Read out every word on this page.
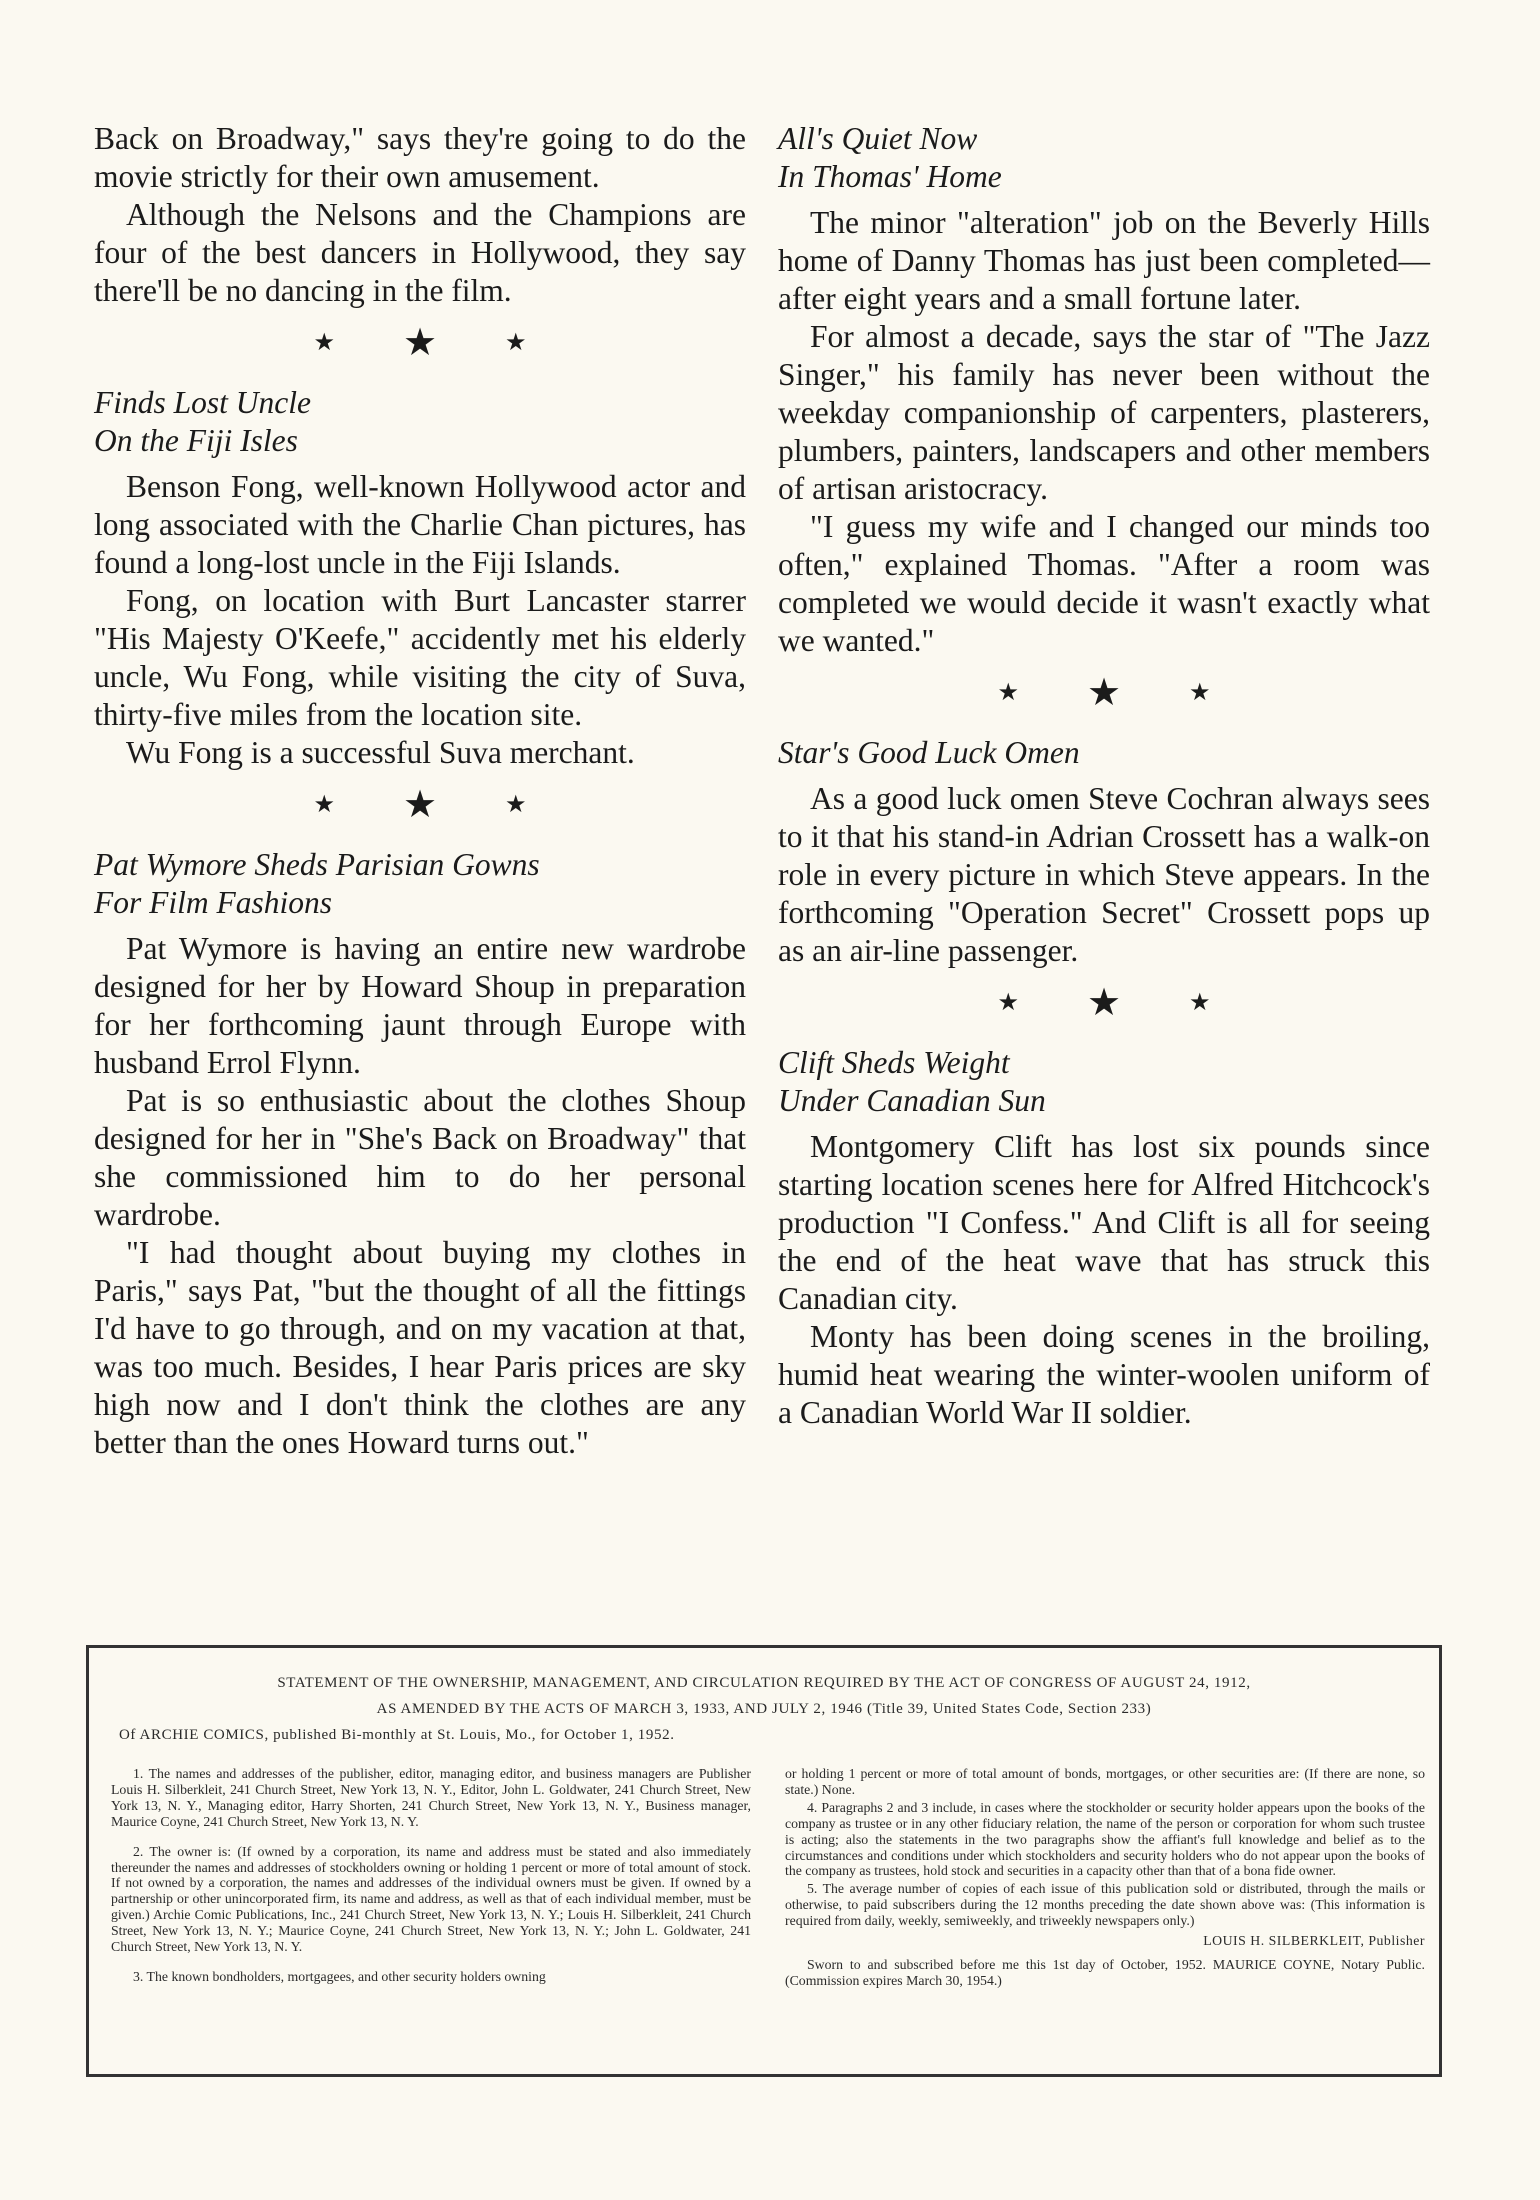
Back on Broadway," says they're going to do the movie strictly for their own amusement.

Although the Nelsons and the Champions are four of the best dancers in Hollywood, they say there'll be no dancing in the film.

★ ★	★
Finds Lost Uncle
On the Fiji Isles

Benson Fong, well-known Hollywood actor and long associated with the Charlie Chan pictures, has found a long-lost uncle in the Fiji Islands.

Fong, on location with Burt Lancaster starrer "His Majesty O'Keefe," accidently met his elderly uncle, Wu Fong, while visiting the city of Suva, thirty-five miles from the location site.

Wu Fong is a successful Suva merchant.

★ ★	★
Pat Wymore Sheds Parisian Gowns
For Film Fashions

Pat Wymore is having an entire new wardrobe designed for her by Howard Shoup in preparation for her forthcoming jaunt through Europe with husband Errol Flynn.

Pat is so enthusiastic about the clothes Shoup designed for her in "She's Back on Broadway" that she commissioned him to do her personal wardrobe.

"I had thought about buying my clothes in Paris," says Pat, "but the thought of all the fittings I'd have to go through, and on my vacation at that, was too much. Besides, I hear Paris prices are sky high now and I don't think the clothes are any better than the ones Howard turns out."

All's Quiet Now
In Thomas' Home

The minor "alteration" job on the Beverly Hills home of Danny Thomas has just been completed—after eight years and a small fortune later.

For almost a decade, says the star of "The Jazz Singer," his family has never been without the weekday companionship of carpenters, plasterers, plumbers, painters, landscapers and other members of artisan aristocracy.

"I guess my wife and I changed our minds too often," explained Thomas. "After a room was completed we would decide it wasn't exactly what we wanted."

★ ★	★
Star's Good Luck Omen

As a good luck omen Steve Cochran always sees to it that his stand-in Adrian Crossett has a walk-on role in every picture in which Steve appears. In the forthcoming "Operation Secret" Crossett pops up as an air-line passenger.

★ ★	★
Clift Sheds Weight
Under Canadian Sun

Montgomery Clift has lost six pounds since starting location scenes here for Alfred Hitchcock's production "I Confess." And Clift is all for seeing the end of the heat wave that has struck this Canadian city.

Monty has been doing scenes in the broiling, humid heat wearing the winter-woolen uniform of a Canadian World War II soldier.

STATEMENT OF THE OWNERSHIP, MANAGEMENT, AND CIRCULATION REQUIRED BY THE ACT OF CONGRESS OF AUGUST 24, 1912,
AS AMENDED BY THE ACTS OF MARCH 3, 1933, AND JULY 2, 1946 (Title 39, United States Code, Section 233)
Of ARCHIE COMICS, published Bi-monthly at St. Louis, Mo., for October 1, 1952.

1. The names and addresses of the publisher, editor, managing editor, and business managers are Publisher Louis H. Silberkleit, 241 Church Street, New York 13, N. Y., Editor, John L. Goldwater, 241 Church Street, New York 13, N. Y., Managing editor, Harry Shorten, 241 Church Street, New York 13, N. Y., Business manager, Maurice Coyne, 241 Church Street, New York 13, N. Y.

2. The owner is: (If owned by a corporation, its name and address must be stated and also immediately thereunder the names and addresses of stockholders owning or holding 1 percent or more of total amount of stock. If not owned by a corporation, the names and addresses of the individual owners must be given. If owned by a partnership or other unincorporated firm, its name and address, as well as that of each individual member, must be given.) Archie Comic Publications, Inc., 241 Church Street, New York 13, N. Y.; Louis H. Silberkleit, 241 Church Street, New York 13, N. Y.; Maurice Coyne, 241 Church Street, New York 13, N. Y.; John L. Goldwater, 241 Church Street, New York 13, N. Y.

3. The known bondholders, mortgagees, and other security holders owning

or holding 1 percent or more of total amount of bonds, mortgages, or other securities are: (If there are none, so state.) None.

4. Paragraphs 2 and 3 include, in cases where the stockholder or security holder appears upon the books of the company as trustee or in any other fiduciary relation, the name of the person or corporation for whom such trustee is acting; also the statements in the two paragraphs show the affiant's full knowledge and belief as to the circumstances and conditions under which stockholders and security holders who do not appear upon the books of the company as trustees, hold stock and securities in a capacity other than that of a bona fide owner.

5. The average number of copies of each issue of this publication sold or distributed, through the mails or otherwise, to paid subscribers during the 12 months preceding the date shown above was: (This information is required from daily, weekly, semiweekly, and triweekly newspapers only.)

LOUIS H. SILBERKLEIT, Publisher

Sworn to and subscribed before me this 1st day of October, 1952. MAURICE COYNE, Notary Public. (Commission expires March 30, 1954.)
